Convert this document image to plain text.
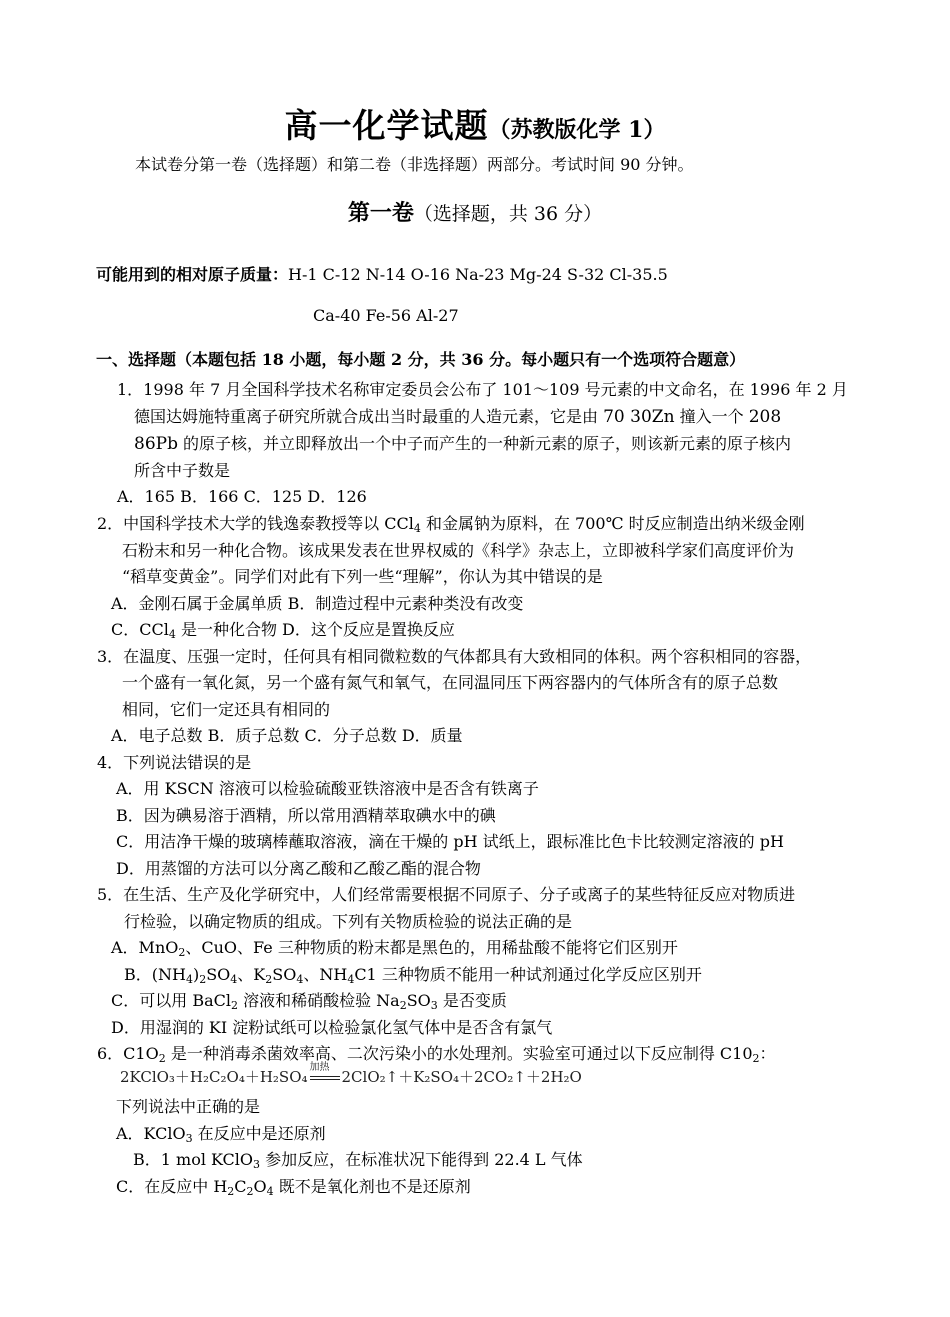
高一化学试题（苏教版化学 1）
本试卷分第一卷（选择题）和第二卷（非选择题）两部分。考试时间 90 分钟。
第一卷（选择题，共 36 分）
可能用到的相对原子质量：H-1 C-12 N-14 O-16 Na-23 Mg-24 S-32 Cl-35.5
Ca-40 Fe-56 Al-27
一、选择题（本题包括 18 小题，每小题 2 分，共 36 分。每小题只有一个选项符合题意）
1．1998 年 7 月全国科学技术名称审定委员会公布了 101～109 号元素的中文命名，在 1996 年 2 月
德国达姆施特重离子研究所就合成出当时最重的人造元素，它是由 70 30Zn 撞入一个 208
86Pb 的原子核，并立即释放出一个中子而产生的一种新元素的原子，则该新元素的原子核内
所含中子数是
A．165 B．166 C．125 D．126
2．中国科学技术大学的钱逸泰教授等以 CCl$_4$ 和金属钠为原料，在 700℃ 时反应制造出纳米级金刚
石粉末和另一种化合物。该成果发表在世界权威的《科学》杂志上，立即被科学家们高度评价为
“稻草变黄金”。同学们对此有下列一些“理解”，你认为其中错误的是
A．金刚石属于金属单质 B．制造过程中元素种类没有改变
C．CCl$_4$ 是一种化合物 D．这个反应是置换反应
3．在温度、压强一定时，任何具有相同微粒数的气体都具有大致相同的体积。两个容积相同的容器，
一个盛有一氧化氮，另一个盛有氮气和氧气，在同温同压下两容器内的气体所含有的原子总数
相同，它们一定还具有相同的
A．电子总数 B．质子总数 C．分子总数 D．质量
4．下列说法错误的是
A．用 KSCN 溶液可以检验硫酸亚铁溶液中是否含有铁离子
B．因为碘易溶于酒精，所以常用酒精萃取碘水中的碘
C．用洁净干燥的玻璃棒蘸取溶液，滴在干燥的 pH 试纸上，跟标准比色卡比较测定溶液的 pH
D．用蒸馏的方法可以分离乙酸和乙酸乙酯的混合物
5．在生活、生产及化学研究中，人们经常需要根据不同原子、分子或离子的某些特征反应对物质进
行检验，以确定物质的组成。下列有关物质检验的说法正确的是
A．MnO$_2$、CuO、Fe 三种物质的粉末都是黑色的，用稀盐酸不能将它们区别开
B．$(NH_4)_2SO_4$、$K_2SO_4$、$NH_4C1$ 三种物质不能用一种试剂通过化学反应区别开
C．可以用 BaCl$_2$ 溶液和稀硝酸检验 $Na_2SO_3$ 是否变质
D．用湿润的 KI 淀粉试纸可以检验氯化氢气体中是否含有氯气
6．$C1O_2$ 是一种消毒杀菌效率高、二次污染小的水处理剂。实验室可通过以下反应制得 $C10_2$：
2KClO₃＋H₂C₂O₄＋H₂SO₄
加热
2ClO₂↑＋K₂SO₄＋2CO₂↑＋2H₂O
下列说法中正确的是
A．KClO$_3$ 在反应中是还原剂
B．1 mol KClO$_3$ 参加反应，在标准状况下能得到 22.4 L 气体
C．在反应中 $H_2C_2O_4$ 既不是氧化剂也不是还原剂
